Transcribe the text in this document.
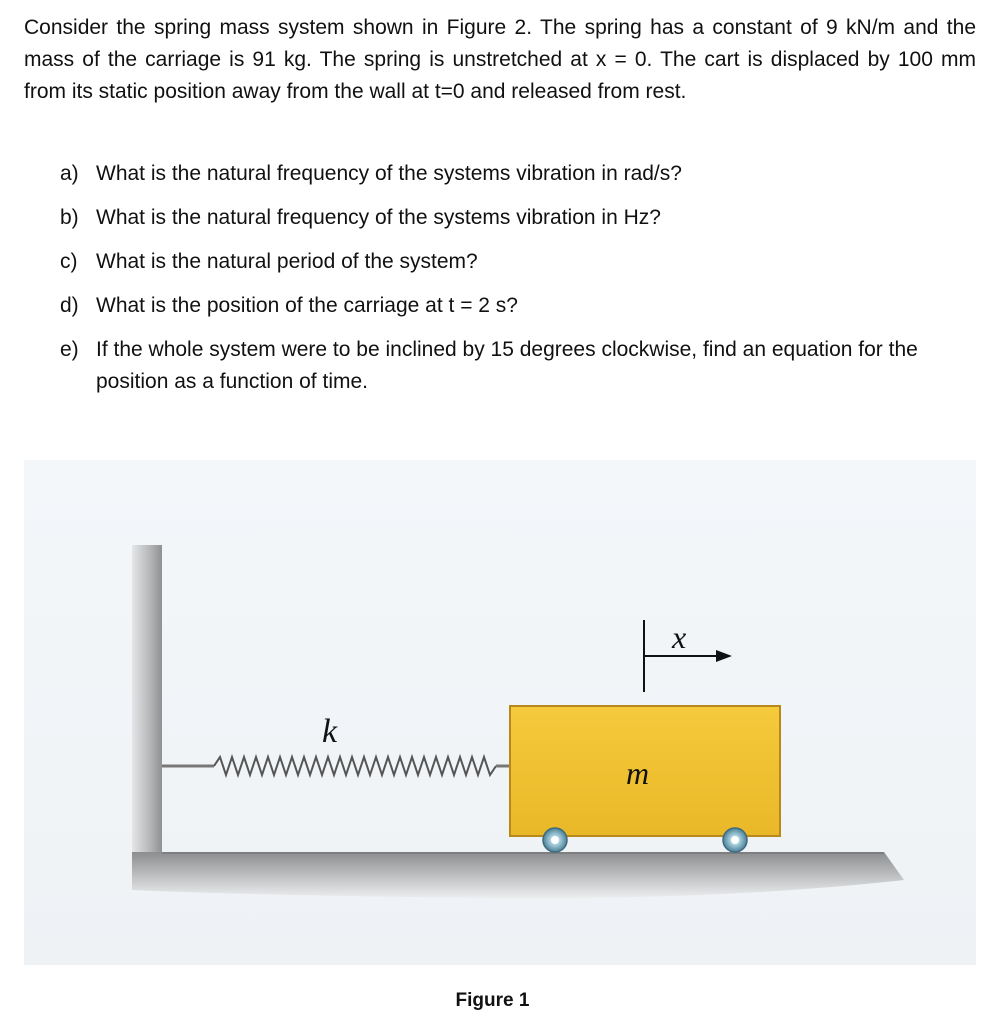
Consider the spring mass system shown in Figure 2. The spring has a constant of 9 kN/m and the mass of the carriage is 91 kg. The spring is unstretched at x = 0. The cart is displaced by 100 mm from its static position away from the wall at t=0 and released from rest.

a) What is the natural frequency of the systems vibration in rad/s?
b) What is the natural frequency of the systems vibration in Hz?
c) What is the natural period of the system?
d) What is the position of the carriage at t = 2 s?
e) If the whole system were to be inclined by 15 degrees clockwise, find an equation for the position as a function of time.
k
m
x
Figure 1
